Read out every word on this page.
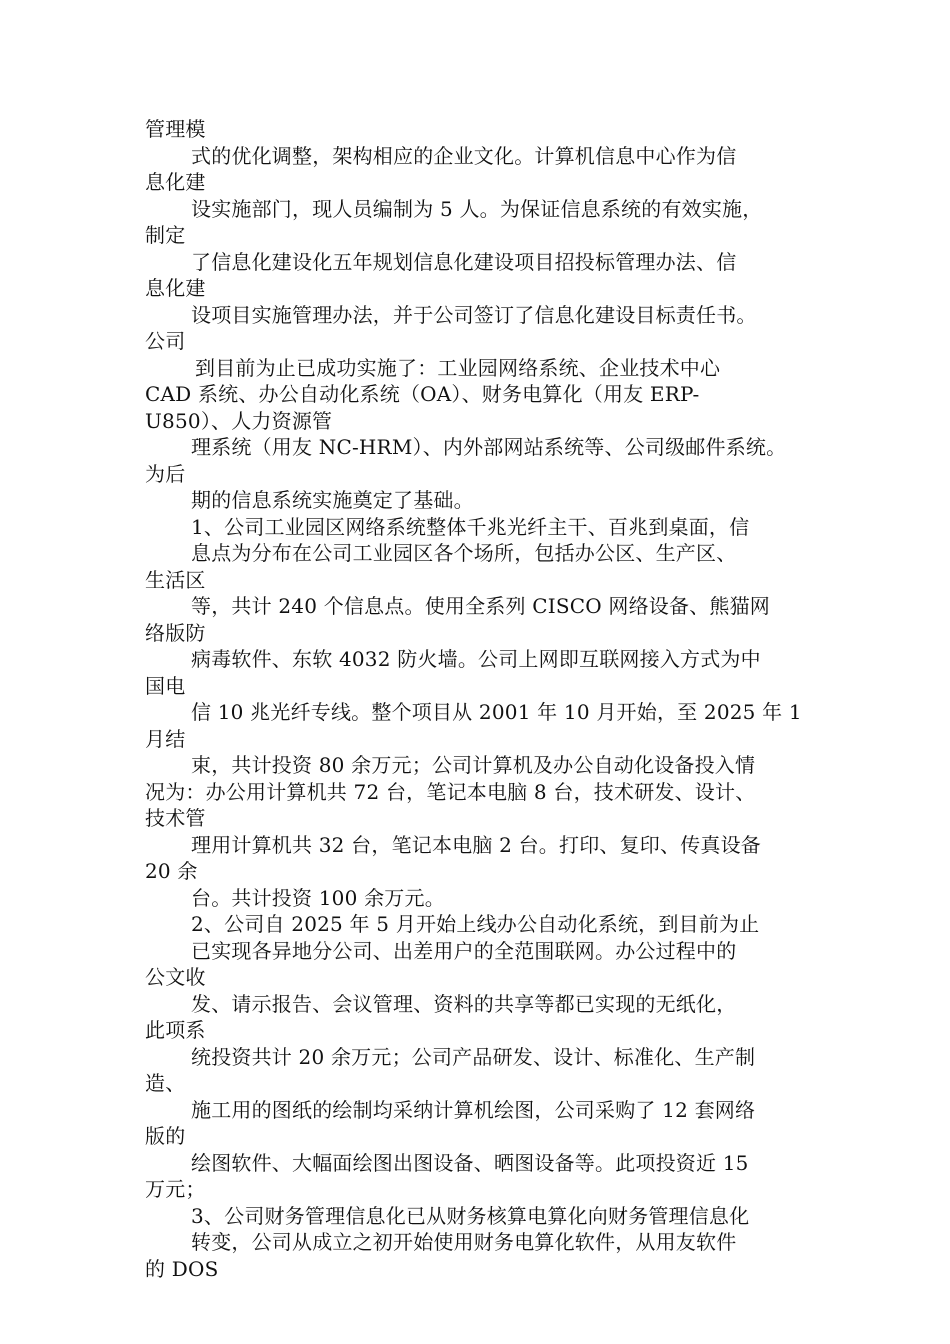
管理模
式的优化调整，架构相应的企业文化。计算机信息中心作为信
息化建
设实施部门，现人员编制为 5 人。为保证信息系统的有效实施，
制定
了信息化建设化五年规划信息化建设项目招投标管理办法、信
息化建
设项目实施管理办法，并于公司签订了信息化建设目标责任书。
公司
到目前为止已成功实施了：工业园网络系统、企业技术中心
CAD 系统、办公自动化系统（OA）、财务电算化（用友 ERP-
U850）、人力资源管
理系统（用友 NC-HRM）、内外部网站系统等、公司级邮件系统。
为后
期的信息系统实施奠定了基础。
1、公司工业园区网络系统整体千兆光纤主干、百兆到桌面，信
息点为分布在公司工业园区各个场所，包括办公区、生产区、
生活区
等，共计 240 个信息点。使用全系列 CISCO 网络设备、熊猫网
络版防
病毒软件、东软 4032 防火墙。公司上网即互联网接入方式为中
国电
信 10 兆光纤专线。整个项目从 2001 年 10 月开始，至 2025 年 1
月结
束，共计投资 80 余万元；公司计算机及办公自动化设备投入情
况为：办公用计算机共 72 台，笔记本电脑 8 台，技术研发、设计、
技术管
理用计算机共 32 台，笔记本电脑 2 台。打印、复印、传真设备
20 余
台。共计投资 100 余万元。
2、公司自 2025 年 5 月开始上线办公自动化系统，到目前为止
已实现各异地分公司、出差用户的全范围联网。办公过程中的
公文收
发、请示报告、会议管理、资料的共享等都已实现的无纸化，
此项系
统投资共计 20 余万元；公司产品研发、设计、标准化、生产制
造、
施工用的图纸的绘制均采纳计算机绘图，公司采购了 12 套网络
版的
绘图软件、大幅面绘图出图设备、晒图设备等。此项投资近 15
万元；
3、公司财务管理信息化已从财务核算电算化向财务管理信息化
转变，公司从成立之初开始使用财务电算化软件，从用友软件
的 DOS
